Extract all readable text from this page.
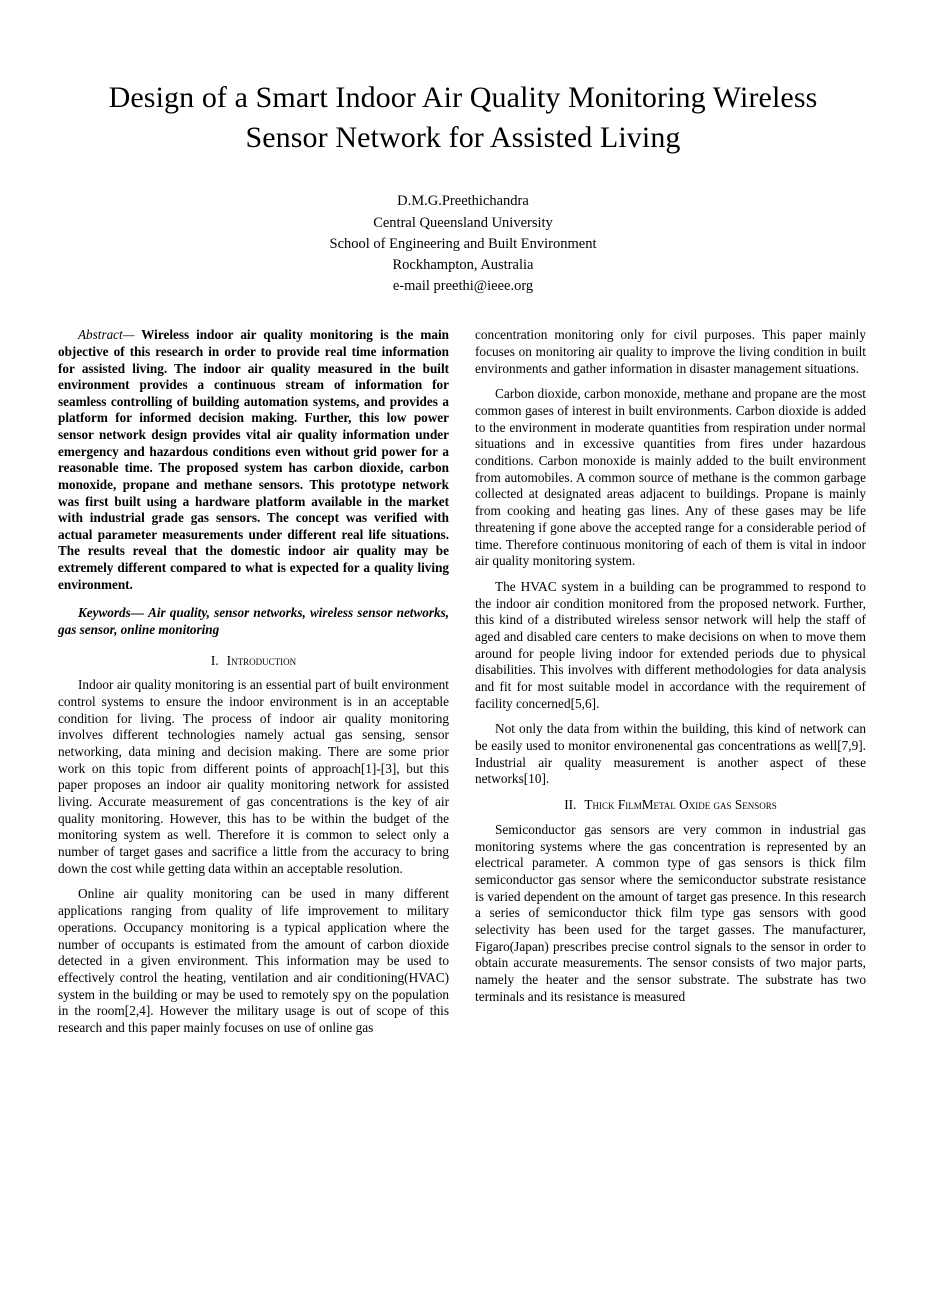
Design of a Smart Indoor Air Quality Monitoring Wireless Sensor Network for Assisted Living
D.M.G.Preethichandra
Central Queensland University
School of Engineering and Built Environment
Rockhampton, Australia
e-mail preethi@ieee.org

Abstract— Wireless indoor air quality monitoring is the main objective of this research in order to provide real time information for assisted living. The indoor air quality measured in the built environment provides a continuous stream of information for seamless controlling of building automation systems, and provides a platform for informed decision making. Further, this low power sensor network design provides vital air quality information under emergency and hazardous conditions even without grid power for a reasonable time. The proposed system has carbon dioxide, carbon monoxide, propane and methane sensors. This prototype network was first built using a hardware platform available in the market with industrial grade gas sensors. The concept was verified with actual parameter measurements under different real life situations. The results reveal that the domestic indoor air quality may be extremely different compared to what is expected for a quality living environment.

Keywords— Air quality, sensor networks, wireless sensor networks, gas sensor, online monitoring

I. Introduction

Indoor air quality monitoring is an essential part of built environment control systems to ensure the indoor environment is in an acceptable condition for living. The process of indoor air quality monitoring involves different technologies namely actual gas sensing, sensor networking, data mining and decision making. There are some prior work on this topic from different points of approach[1]-[3], but this paper proposes an indoor air quality monitoring network for assisted living. Accurate measurement of gas concentrations is the key of air quality monitoring. However, this has to be within the budget of the monitoring system as well. Therefore it is common to select only a number of target gases and sacrifice a little from the accuracy to bring down the cost while getting data within an acceptable resolution.

Online air quality monitoring can be used in many different applications ranging from quality of life improvement to military operations. Occupancy monitoring is a typical application where the number of occupants is estimated from the amount of carbon dioxide detected in a given environment. This information may be used to effectively control the heating, ventilation and air conditioning(HVAC) system in the building or may be used to remotely spy on the population in the room[2,4]. However the military usage is out of scope of this research and this paper mainly focuses on use of online gas

concentration monitoring only for civil purposes. This paper mainly focuses on monitoring air quality to improve the living condition in built environments and gather information in disaster management situations.

Carbon dioxide, carbon monoxide, methane and propane are the most common gases of interest in built environments. Carbon dioxide is added to the environment in moderate quantities from respiration under normal situations and in excessive quantities from fires under hazardous conditions. Carbon monoxide is mainly added to the built environment from automobiles. A common source of methane is the common garbage collected at designated areas adjacent to buildings. Propane is mainly from cooking and heating gas lines. Any of these gases may be life threatening if gone above the accepted range for a considerable period of time. Therefore continuous monitoring of each of them is vital in indoor air quality monitoring system.

The HVAC system in a building can be programmed to respond to the indoor air condition monitored from the proposed network. Further, this kind of a distributed wireless sensor network will help the staff of aged and disabled care centers to make decisions on when to move them around for people living indoor for extended periods due to physical disabilities. This involves with different methodologies for data analysis and fit for most suitable model in accordance with the requirement of facility concerned[5,6].

Not only the data from within the building, this kind of network can be easily used to monitor environenental gas concentrations as well[7,9]. Industrial air quality measurement is another aspect of these networks[10].

II. Thick FilmMetal Oxide gas Sensors

Semiconductor gas sensors are very common in industrial gas monitoring systems where the gas concentration is represented by an electrical parameter. A common type of gas sensors is thick film semiconductor gas sensor where the semiconductor substrate resistance is varied dependent on the amount of target gas presence. In this research a series of semiconductor thick film type gas sensors with good selectivity has been used for the target gasses. The manufacturer, Figaro(Japan) prescribes precise control signals to the sensor in order to obtain accurate measurements. The sensor consists of two major parts, namely the heater and the sensor substrate. The substrate has two terminals and its resistance is measured
